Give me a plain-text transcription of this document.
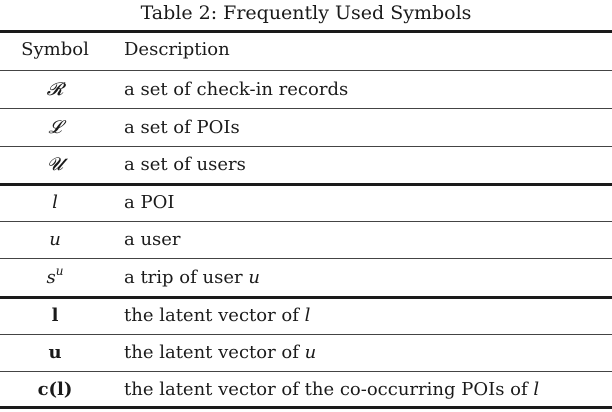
Table 2: Frequently Used Symbols
Symbol	Description
𝓡	a set of check-in records
𝓛	a set of POIs
𝓤	a set of users
l	a POI
u	a user
$s^u$	a trip of user u
l	the latent vector of l
u	the latent vector of u
c(l)	the latent vector of the co-occurring POIs of l
